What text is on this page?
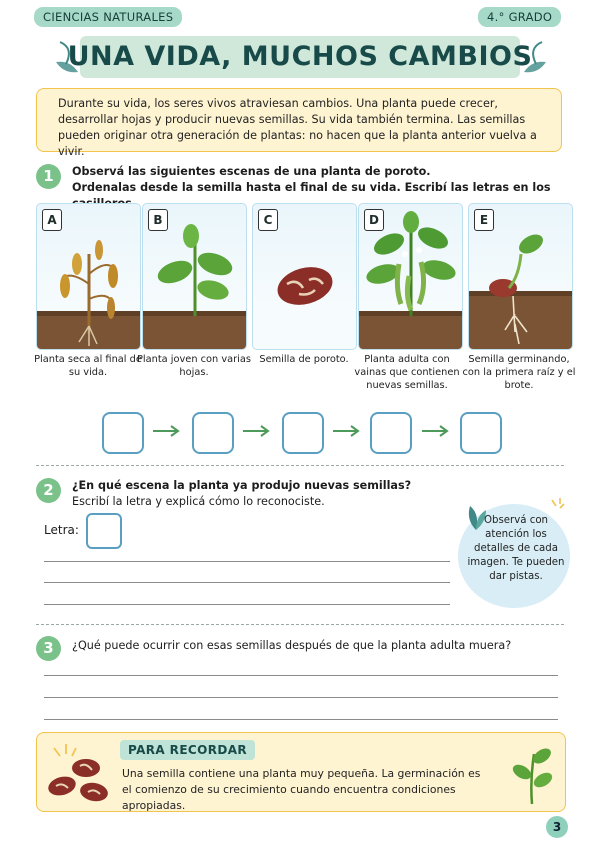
CIENCIAS NATURALES	4.° GRADO
UNA VIDA, MUCHOS CAMBIOS
Durante su vida, los seres vivos atraviesan cambios. Una planta puede crecer, desarrollar hojas y producir nuevas semillas. Su vida también termina. Las semillas pueden originar otra generación de plantas: no hacen que la planta anterior vuelva a vivir.
1	Observá las siguientes escenas de una planta de poroto.
Ordenalas desde la semilla hasta el final de su vida. Escribí las letras en los
A	B	C	D	E
Planta seca al final de su vida.
Planta joven con varias hojas.
Semilla de poroto.	Planta adulta con vainas que contienen nuevas semillas.
Semilla germinando, con la primera raíz y el brote.
2	¿En qué escena la planta ya produjo nuevas semillas?
Escribí la letra y explicá cómo lo reconociste.
Letra:
Observá con atención los detalles de cada imagen. Te pueden dar pistas.
3	¿Qué puede ocurrir con esas semillas después de que la planta adulta muera?
PARA RECORDAR
Una semilla contiene una planta muy pequeña. La germinación es el comienzo de su crecimiento cuando encuentra condiciones apropiadas.
3
